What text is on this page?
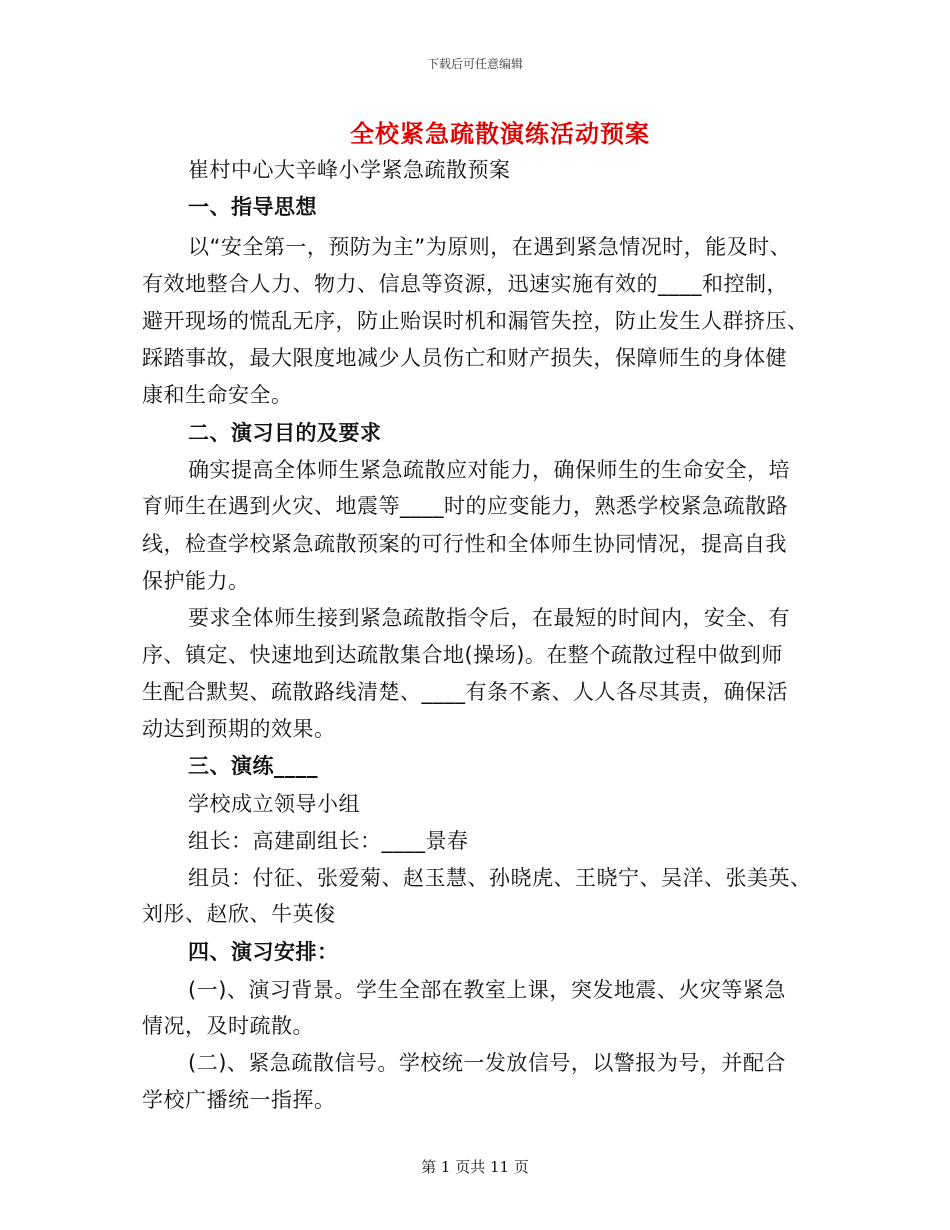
下载后可任意编辑
全校紧急疏散演练活动预案
崔村中心大辛峰小学紧急疏散预案
一、指导思想
以“安全第一，预防为主”为原则，在遇到紧急情况时，能及时、
有效地整合人力、物力、信息等资源，迅速实施有效的____和控制，
避开现场的慌乱无序，防止贻误时机和漏管失控，防止发生人群挤压、
踩踏事故，最大限度地减少人员伤亡和财产损失，保障师生的身体健
康和生命安全。
二、演习目的及要求
确实提高全体师生紧急疏散应对能力，确保师生的生命安全，培
育师生在遇到火灾、地震等____时的应变能力，熟悉学校紧急疏散路
线，检查学校紧急疏散预案的可行性和全体师生协同情况，提高自我
保护能力。
要求全体师生接到紧急疏散指令后，在最短的时间内，安全、有
序、镇定、快速地到达疏散集合地(操场)。在整个疏散过程中做到师
生配合默契、疏散路线清楚、____有条不紊、人人各尽其责，确保活
动达到预期的效果。
三、演练____
学校成立领导小组
组长：高建副组长：____景春
组员：付征、张爱菊、赵玉慧、孙晓虎、王晓宁、吴洋、张美英、
刘彤、赵欣、牛英俊
四、演习安排：
(一)、演习背景。学生全部在教室上课，突发地震、火灾等紧急
情况，及时疏散。
(二)、紧急疏散信号。学校统一发放信号，以警报为号，并配合
学校广播统一指挥。
第 1 页共 11 页
